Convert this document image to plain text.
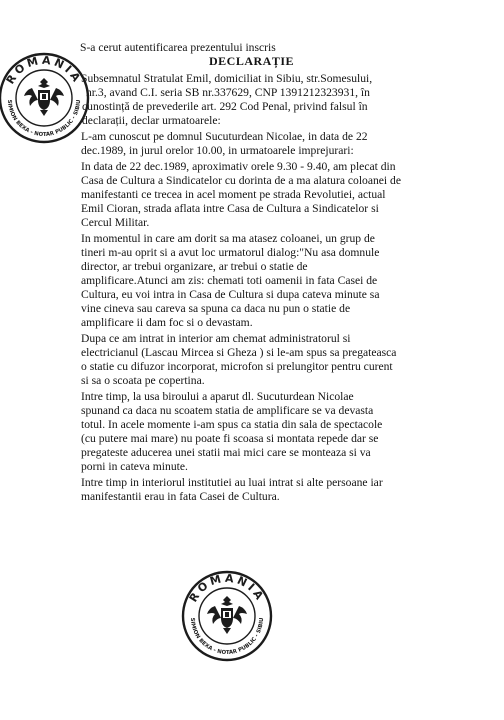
S-a cerut autentificarea prezentului inscris
DECLARAȚIE
Subsemnatul Stratulat Emil, domiciliat in Sibiu, str.Somesului,
nr.3, avand C.I. seria SB nr.337629, CNP 1391212323931, în
cunostință de prevederile art. 292 Cod Penal, privind falsul în
declarații, declar urmatoarele:
L-am cunoscut pe domnul Sucuturdean Nicolae, in data de 22
dec.1989, in jurul orelor 10.00, in urmatoarele imprejurari:
In data de 22 dec.1989, aproximativ orele 9.30 - 9.40, am plecat din
Casa de Cultura a Sindicatelor cu dorinta de a ma alatura coloanei de
manifestanti ce trecea in acel moment pe strada Revolutiei, actual
Emil Cioran, strada aflata intre Casa de Cultura a Sindicatelor si
Cercul Militar.
In momentul in care am dorit sa ma atasez coloanei, un grup de
tineri m-au oprit si a avut loc urmatorul dialog:"Nu asa domnule
director, ar trebui organizare, ar trebui o statie de
amplificare.Atunci am zis: chemati toti oamenii in fata Casei de
Cultura, eu voi intra in Casa de Cultura si dupa cateva minute sa
vine cineva sau careva sa spuna ca daca nu pun o statie de
amplificare ii dam foc si o devastam.
Dupa ce am intrat in interior am chemat administratorul si
electricianul (Lascau Mircea si Gheza ) si le-am spus sa pregateasca
o statie cu difuzor incorporat, microfon si prelungitor pentru curent
si sa o scoata pe copertina.
Intre timp, la usa biroului a aparut dl. Sucuturdean Nicolae
spunand ca daca nu scoatem statia de amplificare se va devasta
totul. In acele momente i-am spus ca statia din sala de spectacole
(cu putere mai mare) nu poate fi scoasa si montata repede dar se
pregateste aducerea unei statii mai mici care se monteaza si va
porni in cateva minute.
Intre timp in interiorul institutiei au luai intrat si alte persoane iar
manifestantii erau in fata Casei de Cultura.
ROMANIA
SIMION BEXA - NOTAR PUBLIC - SIBIU
ROMANIA
SIMION BEXA - NOTAR PUBLIC - SIBIU
